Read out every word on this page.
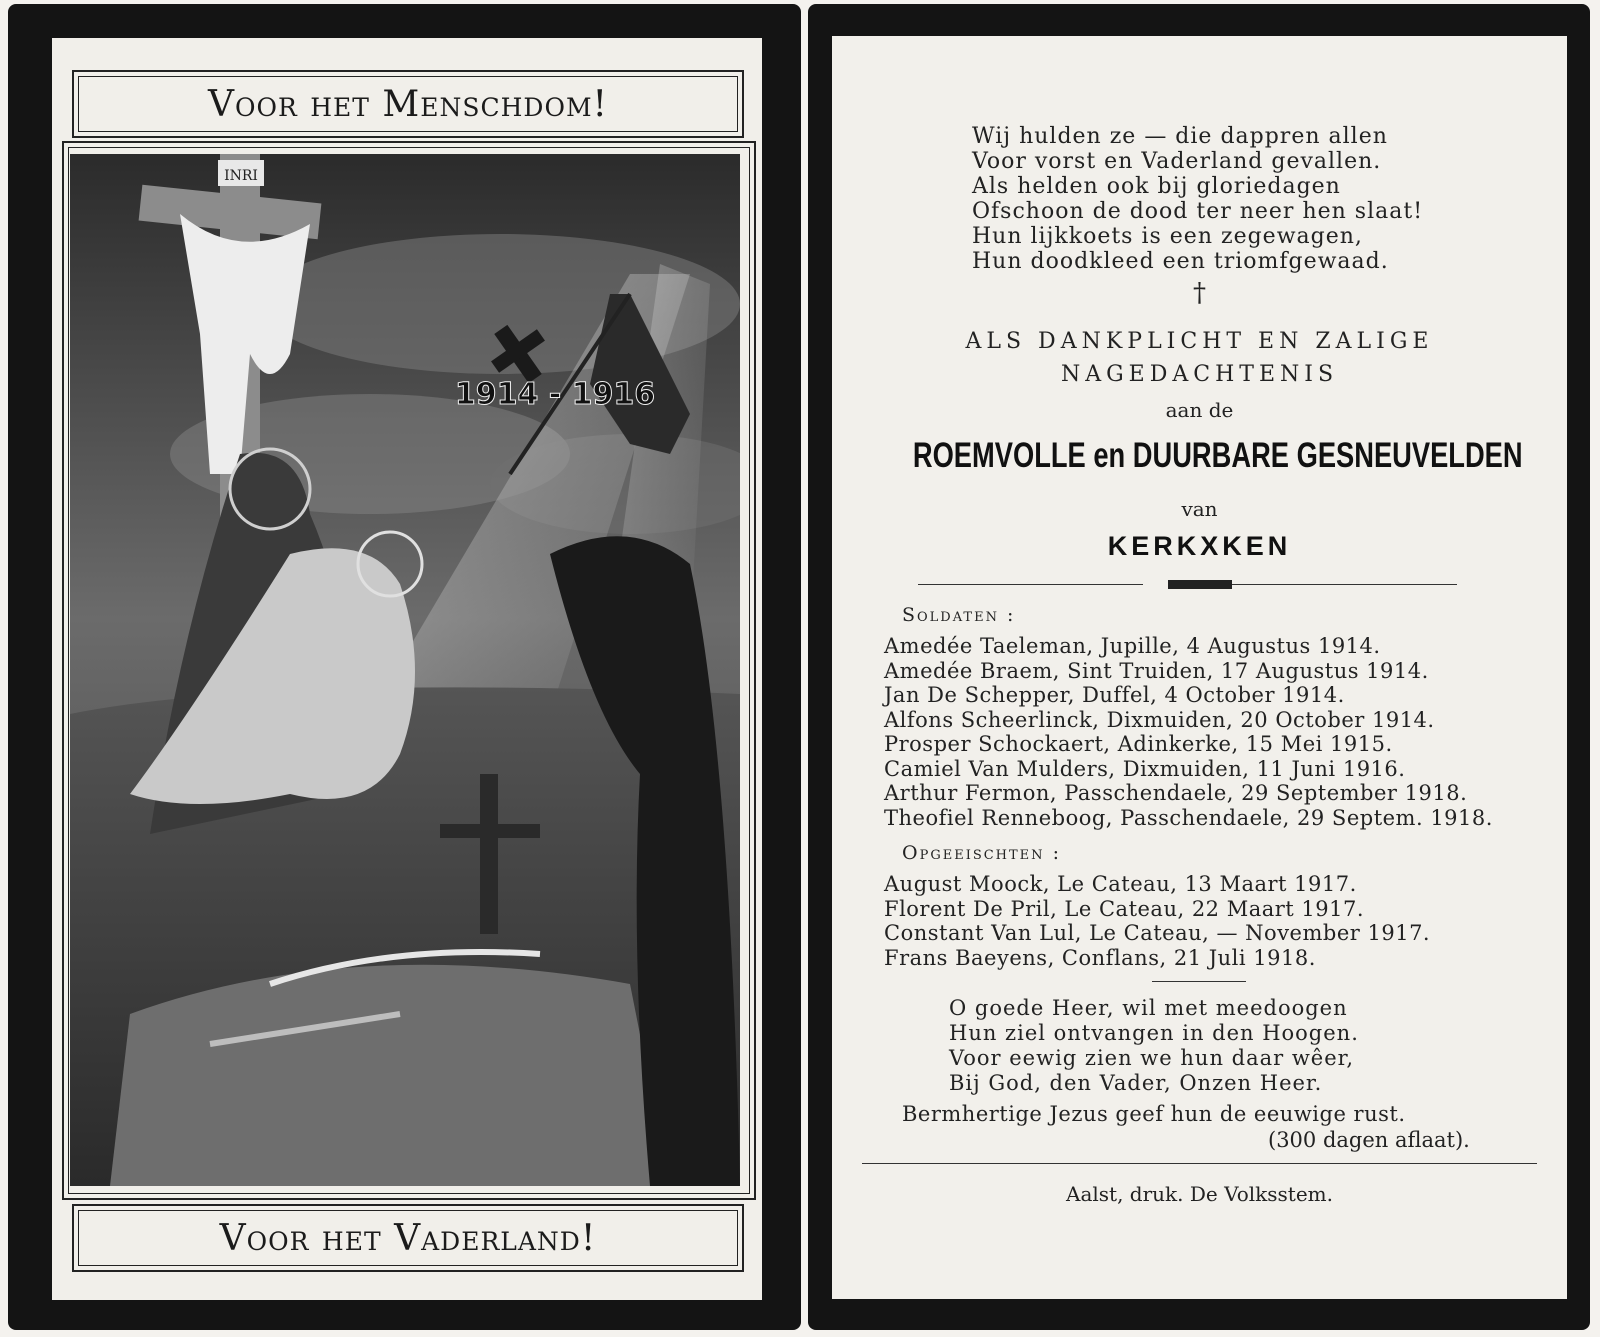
Voor het Menschdom!
INRI
1914 - 1916
Voor het Vaderland!
Wij hulden ze — die dappren allen
Voor vorst en Vaderland gevallen.
Als helden ook bij gloriedagen
Ofschoon de dood ter neer hen slaat!
Hun lijkkoets is een zegewagen,
Hun doodkleed een triomfgewaad.
†
ALS DANKPLICHT EN ZALIGE
NAGEDACHTENIS
aan de
ROEMVOLLE en DUURBARE GESNEUVELDEN
van
KERKXKEN
Soldaten :
Amedée Taeleman, Jupille, 4 Augustus 1914.
Amedée Braem, Sint Truiden, 17 Augustus 1914.
Jan De Schepper, Duffel, 4 October 1914.
Alfons Scheerlinck, Dixmuiden, 20 October 1914.
Prosper Schockaert, Adinkerke, 15 Mei 1915.
Camiel Van Mulders, Dixmuiden, 11 Juni 1916.
Arthur Fermon, Passchendaele, 29 September 1918.
Theofiel Renneboog, Passchendaele, 29 Septem. 1918.
Opgeeischten :
August Moock, Le Cateau, 13 Maart 1917.
Florent De Pril, Le Cateau, 22 Maart 1917.
Constant Van Lul, Le Cateau, — November 1917.
Frans Baeyens, Conflans, 21 Juli 1918.
O goede Heer, wil met meedoogen
Hun ziel ontvangen in den Hoogen.
Voor eewig zien we hun daar wêer,
Bij God, den Vader, Onzen Heer.
Bermhertige Jezus geef hun de eeuwige rust.
(300 dagen aflaat).
Aalst, druk. De Volksstem.
